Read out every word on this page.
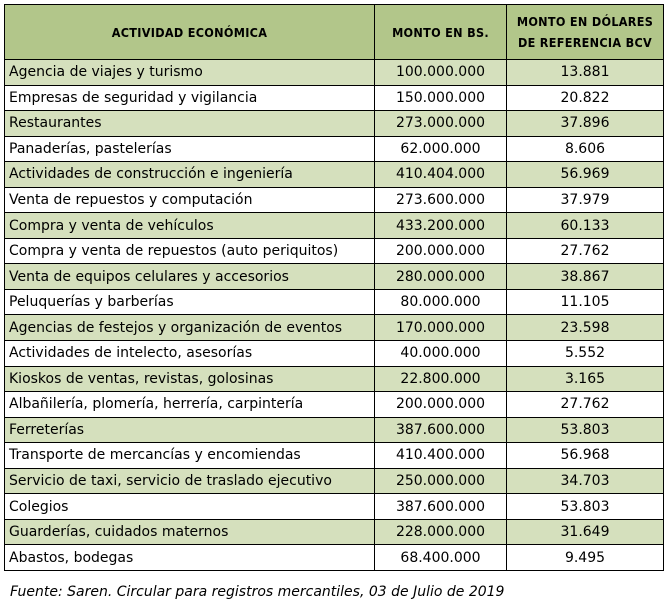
ACTIVIDAD ECONÓMICA	MONTO EN BS.	MONTO EN DÓLARES
DE REFERENCIA BCV
Agencia de viajes y turismo	100.000.000	13.881
Empresas de seguridad y vigilancia	150.000.000	20.822
Restaurantes	273.000.000	37.896
Panaderías, pastelerías	62.000.000	8.606
Actividades de construcción e ingeniería	410.404.000	56.969
Venta de repuestos y computación	273.600.000	37.979
Compra y venta de vehículos	433.200.000	60.133
Compra y venta de repuestos (auto periquitos)	200.000.000	27.762
Venta de equipos celulares y accesorios	280.000.000	38.867
Peluquerías y barberías	80.000.000	11.105
Agencias de festejos y organización de eventos	170.000.000	23.598
Actividades de intelecto, asesorías	40.000.000	5.552
Kioskos de ventas, revistas, golosinas	22.800.000	3.165
Albañilería, plomería, herrería, carpintería	200.000.000	27.762
Ferreterías	387.600.000	53.803
Transporte de mercancías y encomiendas	410.400.000	56.968
Servicio de taxi, servicio de traslado ejecutivo	250.000.000	34.703
Colegios	387.600.000	53.803
Guarderías, cuidados maternos	228.000.000	31.649
Abastos, bodegas	68.400.000	9.495
Fuente: Saren. Circular para registros mercantiles, 03 de Julio de 2019
